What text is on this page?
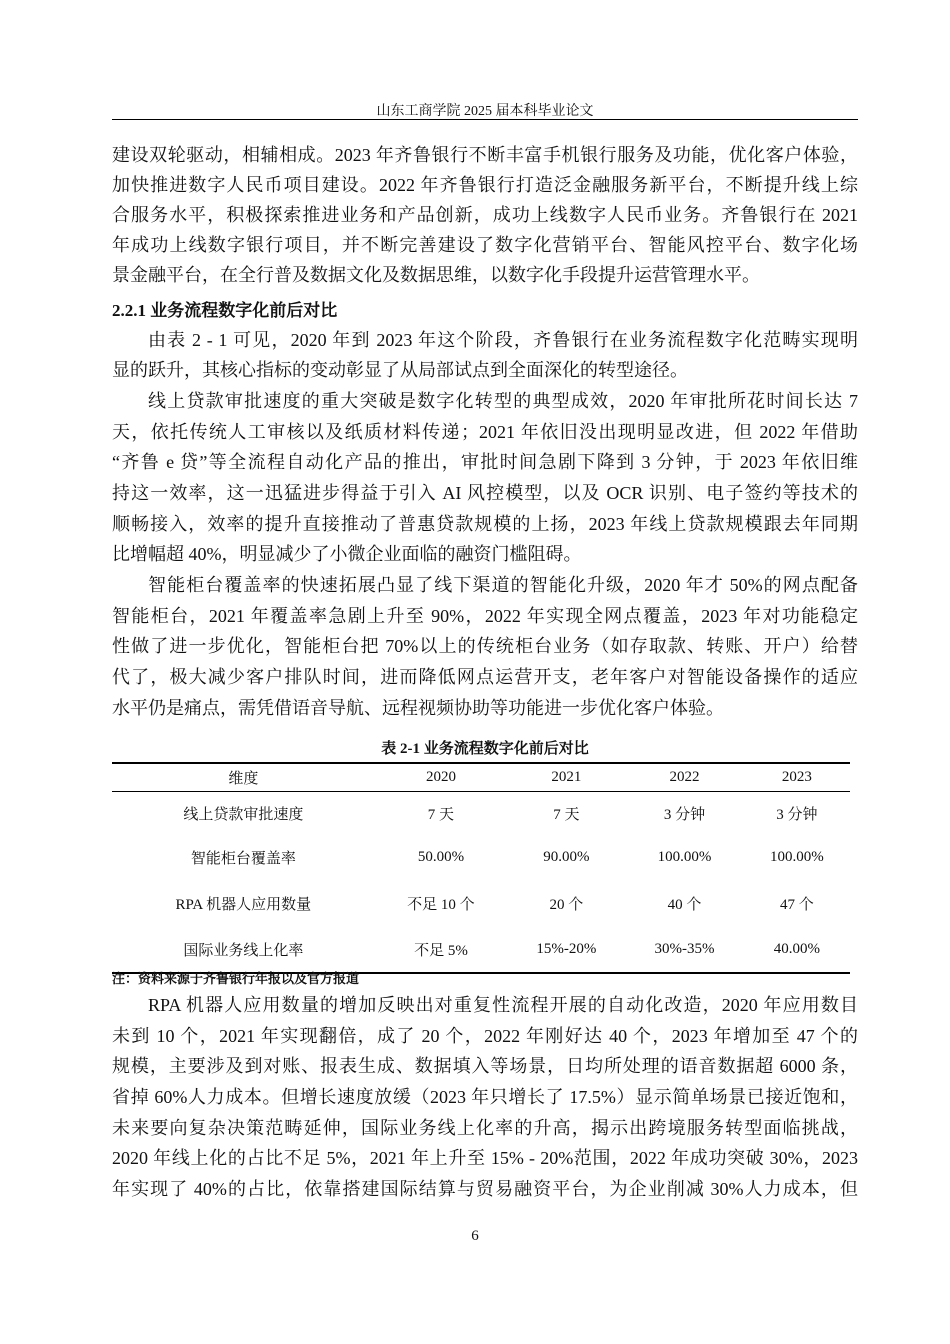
山东工商学院 2025 届本科毕业论文
建设双轮驱动，相辅相成。2023 年齐鲁银行不断丰富手机银行服务及功能，优化客户体验，
加快推进数字人民币项目建设。2022 年齐鲁银行打造泛金融服务新平台，不断提升线上综
合服务水平，积极探索推进业务和产品创新，成功上线数字人民币业务。齐鲁银行在 2021
年成功上线数字银行项目，并不断完善建设了数字化营销平台、智能风控平台、数字化场
景金融平台，在全行普及数据文化及数据思维，以数字化手段提升运营管理水平。
2.2.1 业务流程数字化前后对比
由表 2 - 1 可见，2020 年到 2023 年这个阶段，齐鲁银行在业务流程数字化范畴实现明
显的跃升，其核心指标的变动彰显了从局部试点到全面深化的转型途径。
线上贷款审批速度的重大突破是数字化转型的典型成效，2020 年审批所花时间长达 7
天，依托传统人工审核以及纸质材料传递；2021 年依旧没出现明显改进，但 2022 年借助
“齐鲁 e 贷”等全流程自动化产品的推出，审批时间急剧下降到 3 分钟，于 2023 年依旧维
持这一效率，这一迅猛进步得益于引入 AI 风控模型，以及 OCR 识别、电子签约等技术的
顺畅接入，效率的提升直接推动了普惠贷款规模的上扬，2023 年线上贷款规模跟去年同期
比增幅超 40%，明显减少了小微企业面临的融资门槛阻碍。
智能柜台覆盖率的快速拓展凸显了线下渠道的智能化升级，2020 年才 50%的网点配备
智能柜台，2021 年覆盖率急剧上升至 90%，2022 年实现全网点覆盖，2023 年对功能稳定
性做了进一步优化，智能柜台把 70%以上的传统柜台业务（如存取款、转账、开户）给替
代了，极大减少客户排队时间，进而降低网点运营开支，老年客户对智能设备操作的适应
水平仍是痛点，需凭借语音导航、远程视频协助等功能进一步优化客户体验。
表 2-1 业务流程数字化前后对比
维度	2020	2021	2022	2023
线上贷款审批速度	7 天	7 天	3 分钟	3 分钟
智能柜台覆盖率	50.00%	90.00%	100.00%	100.00%
RPA 机器人应用数量	不足 10 个	20 个	40 个	47 个
国际业务线上化率	不足 5%	15%-20%	30%-35%	40.00%
注：资料来源于齐鲁银行年报以及官方报道
RPA 机器人应用数量的增加反映出对重复性流程开展的自动化改造，2020 年应用数目
未到 10 个，2021 年实现翻倍，成了 20 个，2022 年刚好达 40 个，2023 年增加至 47 个的
规模，主要涉及到对账、报表生成、数据填入等场景，日均所处理的语音数据超 6000 条，
省掉 60%人力成本。但增长速度放缓（2023 年只增长了 17.5%）显示简单场景已接近饱和，
未来要向复杂决策范畴延伸，国际业务线上化率的升高，揭示出跨境服务转型面临挑战，
2020 年线上化的占比不足 5%，2021 年上升至 15% - 20%范围，2022 年成功突破 30%，2023
年实现了 40%的占比，依靠搭建国际结算与贸易融资平台，为企业削减 30%人力成本，但
6
